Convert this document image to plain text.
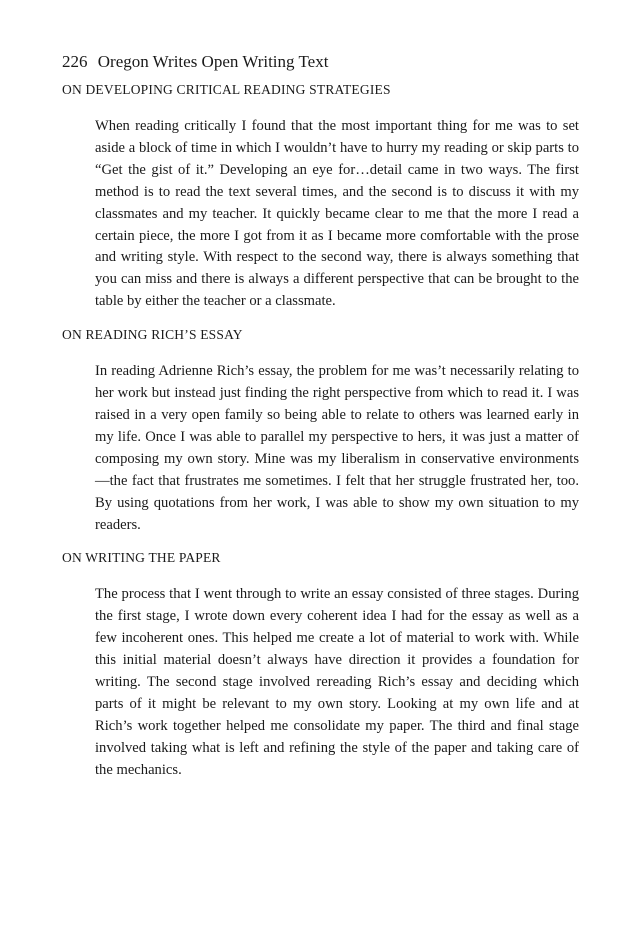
226 Oregon Writes Open Writing Text
ON DEVELOPING CRITICAL READING STRATEGIES

When reading critically I found that the most important thing for me was to set aside a block of time in which I wouldn’t have to hurry my reading or skip parts to “Get the gist of it.” Developing an eye for…detail came in two ways. The first method is to read the text several times, and the second is to discuss it with my classmates and my teacher. It quickly became clear to me that the more I read a certain piece, the more I got from it as I became more comfortable with the prose and writing style. With respect to the second way, there is always something that you can miss and there is always a different perspective that can be brought to the table by either the teacher or a classmate.

ON READING RICH’S ESSAY

In reading Adrienne Rich’s essay, the problem for me was’t necessarily relating to her work but instead just finding the right perspective from which to read it. I was raised in a very open family so being able to relate to others was learned early in my life. Once I was able to parallel my perspective to hers, it was just a matter of composing my own story. Mine was my liberalism in conservative environments—the fact that frustrates me sometimes. I felt that her struggle frustrated her, too. By using quotations from her work, I was able to show my own situation to my readers.

ON WRITING THE PAPER

The process that I went through to write an essay consisted of three stages. During the first stage, I wrote down every coherent idea I had for the essay as well as a few incoherent ones. This helped me create a lot of material to work with. While this initial material doesn’t always have direction it provides a foundation for writing. The second stage involved rereading Rich’s essay and deciding which parts of it might be relevant to my own story. Looking at my own life and at Rich’s work together helped me consolidate my paper. The third and final stage involved taking what is left and refining the style of the paper and taking care of the mechanics.
